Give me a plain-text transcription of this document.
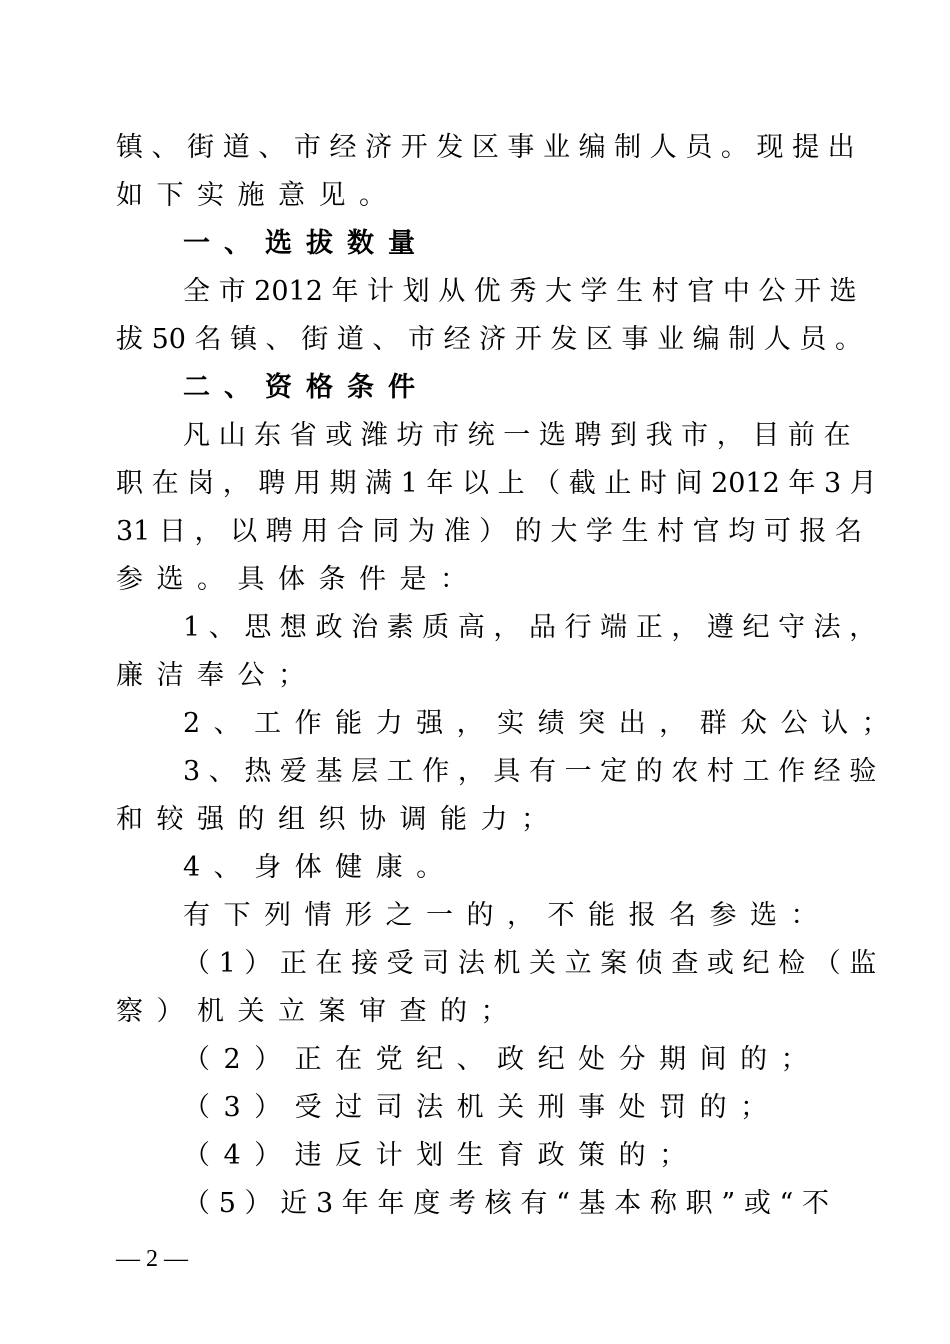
镇 、 街 道 、 市 经 济 开 发 区 事 业 编 制 人 员 。 现 提 出
如下实施意见。
一、选拔数量
全 市 2012 年 计 划 从 优 秀 大 学 生 村 官 中 公 开 选
拔 50 名 镇 、 街 道 、 市 经 济 开 发 区 事 业 编 制 人 员 。
二、资格条件
凡 山 东 省 或 潍 坊 市 统 一 选 聘 到 我 市 ， 目 前 在
职 在 岗 ， 聘 用 期 满 1 年 以 上 （ 截 止 时 间 2012 年 3 月
31 日 ， 以 聘 用 合 同 为 准 ） 的 大 学 生 村 官 均 可 报 名
参选。具体条件是：
1 、 思 想 政 治 素 质 高 ， 品 行 端 正 ， 遵 纪 守 法 ，
廉洁奉公；
2、工作能力强，实绩突出，群众公认；
3 、 热 爱 基 层 工 作 ， 具 有 一 定 的 农 村 工 作 经 验
和较强的组织协调能力；
4、身体健康。
有下列情形之一的，不能报名参选：
（ 1 ） 正 在 接 受 司 法 机 关 立 案 侦 查 或 纪 检 （ 监
察）机关立案审查的；
（2）正在党纪、政纪处分期间的；
（3）受过司法机关刑事处罚的；
（4）违反计划生育政策的；
（ 5 ） 近 3 年 年 度 考 核 有 “ 基 本 称 职 ” 或 “ 不
— 2 —
